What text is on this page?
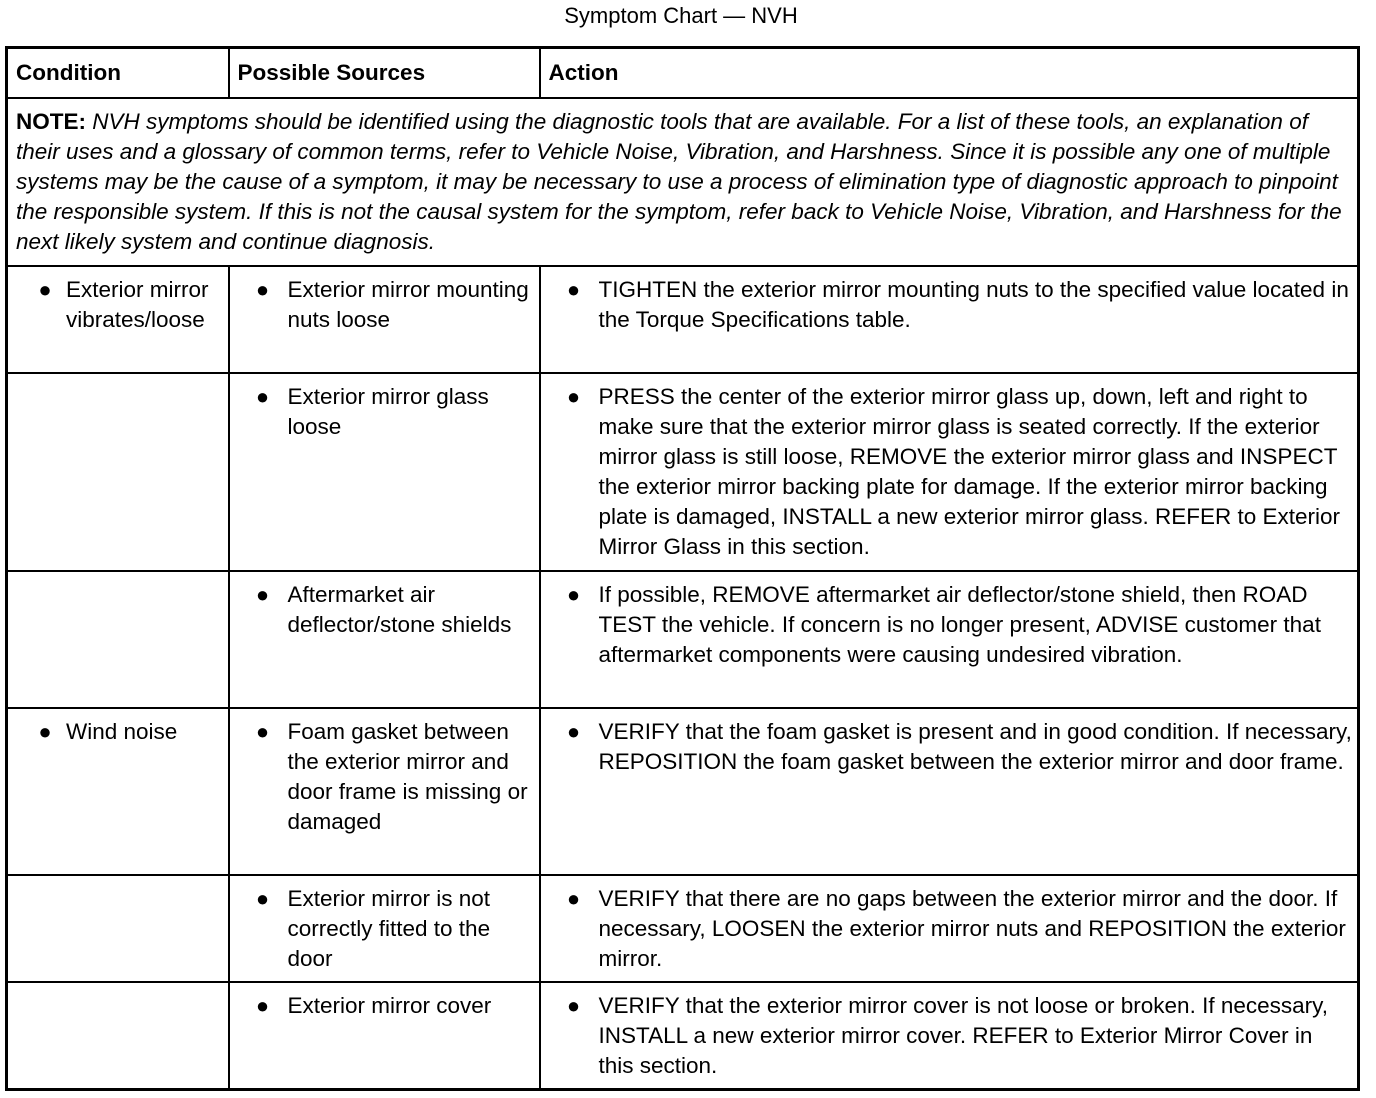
Symptom Chart — NVH
Condition	Possible Sources	Action
NOTE: NVH symptoms should be identified using the diagnostic tools that are available. For a list of these tools, an explanation of their uses and a glossary of common terms, refer to Vehicle Noise, Vibration, and Harshness. Since it is possible any one of multiple systems may be the cause of a symptom, it may be necessary to use a process of elimination type of diagnostic approach to pinpoint the responsible system. If this is not the causal system for the symptom, refer back to Vehicle Noise, Vibration, and Harshness for the next likely system and continue diagnosis.		

● Exterior mirror vibrates/loose	● Exterior mirror mounting nuts loose	● TIGHTEN the exterior mirror mounting nuts to the specified value located in the Torque Specifications table.

	● Exterior mirror glass loose	● PRESS the center of the exterior mirror glass up, down, left and right to make sure that the exterior mirror glass is seated correctly. If the exterior mirror glass is still loose, REMOVE the exterior mirror glass and INSPECT the exterior mirror backing plate for damage. If the exterior mirror backing plate is damaged, INSTALL a new exterior mirror glass. REFER to Exterior Mirror Glass in this section.

	● Aftermarket air deflector/stone shields	● If possible, REMOVE aftermarket air deflector/stone shield, then ROAD TEST the vehicle. If concern is no longer present, ADVISE customer that aftermarket components were causing undesired vibration.

● Wind noise	● Foam gasket between the exterior mirror and door frame is missing or damaged	● VERIFY that the foam gasket is present and in good condition. If necessary, REPOSITION the foam gasket between the exterior mirror and door frame.

	● Exterior mirror is not correctly fitted to the door	● VERIFY that there are no gaps between the exterior mirror and the door. If necessary, LOOSEN the exterior mirror nuts and REPOSITION the exterior mirror.

	● Exterior mirror cover	● VERIFY that the exterior mirror cover is not loose or broken. If necessary, INSTALL a new exterior mirror cover. REFER to Exterior Mirror Cover in this section.
